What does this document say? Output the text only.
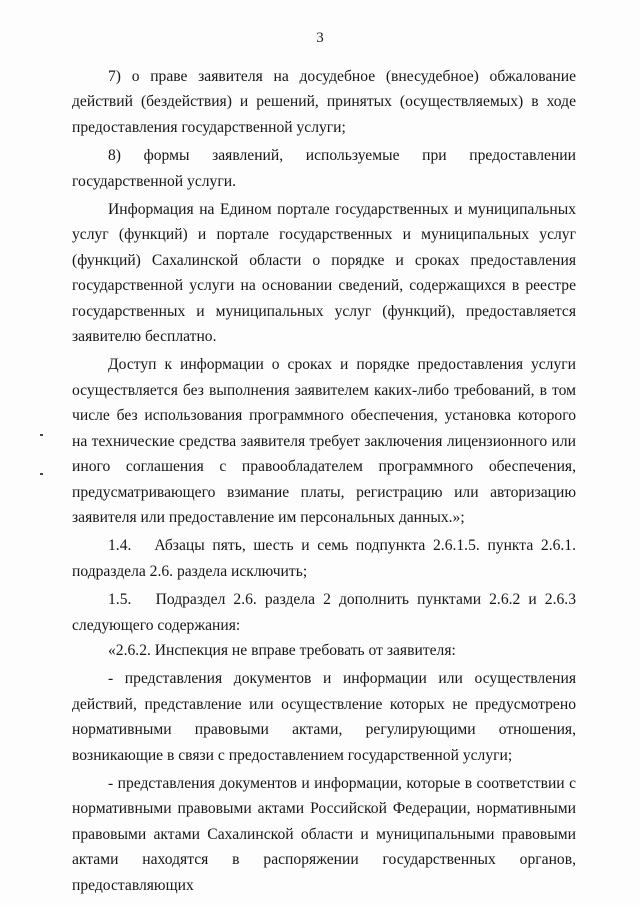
3

7) о праве заявителя на досудебное (внесудебное) обжалование действий (бездействия) и решений, принятых (осуществляемых) в ходе предоставления государственной услуги;

8) формы заявлений, используемые при предоставлении государственной услуги.

Информация на Едином портале государственных и муниципальных услуг (функций) и портале государственных и муниципальных услуг (функций) Сахалинской области о порядке и сроках предоставления государственной услуги на основании сведений, содержащихся в реестре государственных и муниципальных услуг (функций), предоставляется заявителю бесплатно.

Доступ к информации о сроках и порядке предоставления услуги осуществляется без выполнения заявителем каких-либо требований, в том числе без использования программного обеспечения, установка которого на технические средства заявителя требует заключения лицензионного или иного соглашения с правообладателем программного обеспечения, предусматривающего взимание платы, регистрацию или авторизацию заявителя или предоставление им персональных данных.»;

1.4.   Абзацы пять, шесть и семь подпункта 2.6.1.5. пункта 2.6.1. подраздела 2.6. раздела исключить;

1.5.   Подраздел 2.6. раздела 2 дополнить пунктами 2.6.2 и 2.6.3 следующего содержания:

«2.6.2. Инспекция не вправе требовать от заявителя:

- представления документов и информации или осуществления действий, представление или осуществление которых не предусмотрено нормативными правовыми актами, регулирующими отношения, возникающие в связи с предоставлением государственной услуги;

- представления документов и информации, которые в соответствии с нормативными правовыми актами Российской Федерации, нормативными правовыми актами Сахалинской области и муниципальными правовыми актами находятся в распоряжении государственных органов, предоставляющих
